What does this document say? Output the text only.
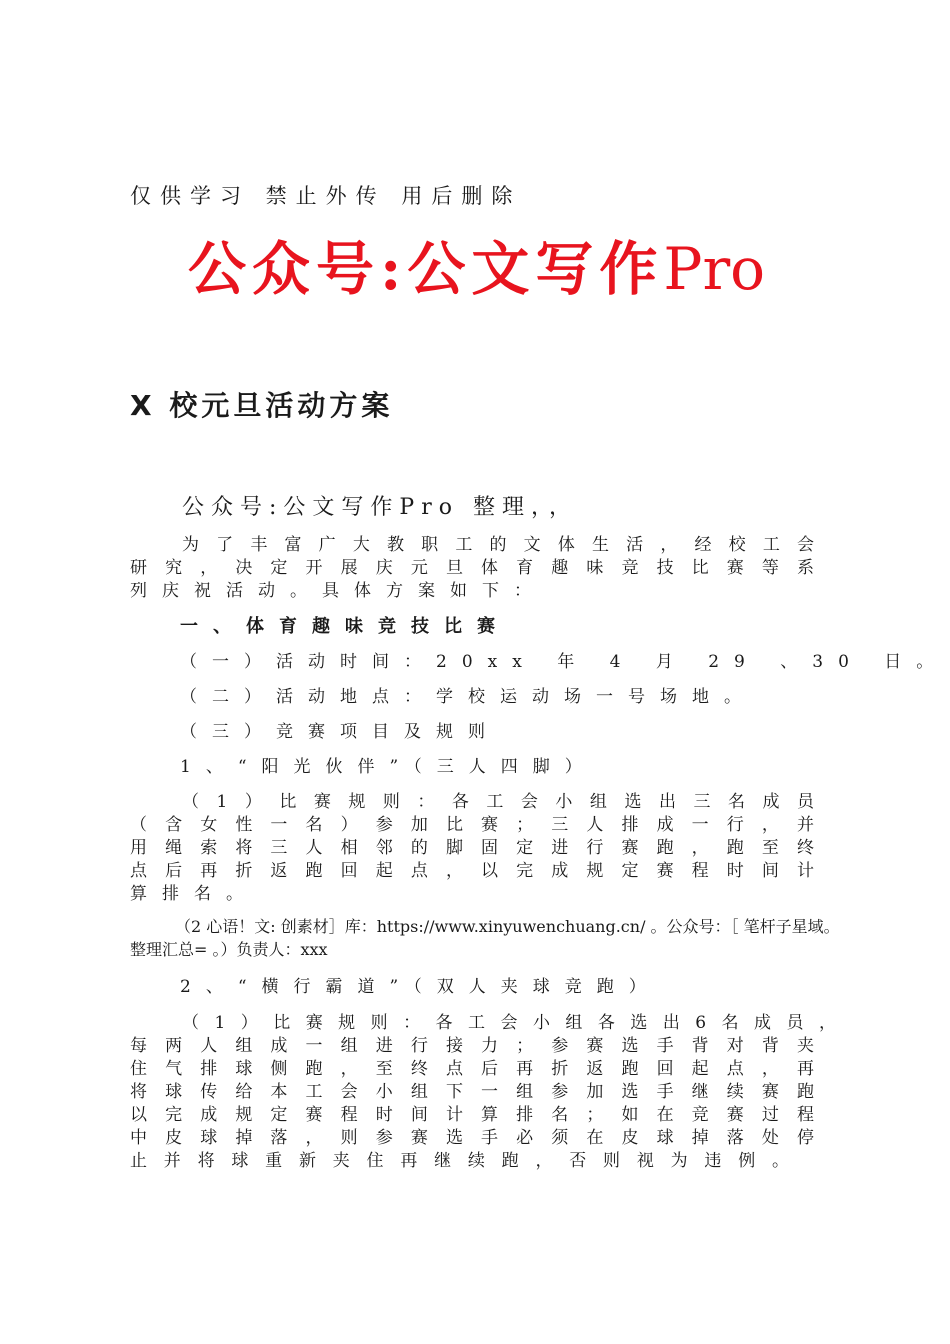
仅供学习 禁止外传 用后删除
公众号:公文写作Pro
X 校元旦活动方案
公众号:公文写作Pro 整理，，
为了丰富广大教职工的文体生活，经校工会
研究，决定开展庆元旦体育趣味竞技比赛等系
列庆祝活动。具体方案如下：
一、体育趣味竞技比赛
（一）活动时间：20xx 年 4 月 29 、30 日。
（二）活动地点：学校运动场一号场地。
（三）竞赛项目及规则
1、“阳光伙伴”（三人四脚）
（1）比赛规则：各工会小组选出三名成员
（含女性一名）参加比赛；三人排成一行，并
用绳索将三人相邻的脚固定进行赛跑，跑至终
点后再折返跑回起点，以完成规定赛程时间计
算排名。
（2 心语！文: 创素材］库：https://www.xinyuwenchuang.cn/ 。公众号：［ 笔杆子星域。
整理汇总= 。）负责人：xxx
2、“横行霸道”（双人夹球竞跑）
（1）比赛规则：各工会小组各选出6名成员，
每两人组成一组进行接力；参赛选手背对背夹
住气排球侧跑，至终点后再折返跑回起点，再
将球传给本工会小组下一组参加选手继续赛跑
以完成规定赛程时间计算排名；如在竞赛过程
中皮球掉落，则参赛选手必须在皮球掉落处停
止并将球重新夹住再继续跑，否则视为违例。
